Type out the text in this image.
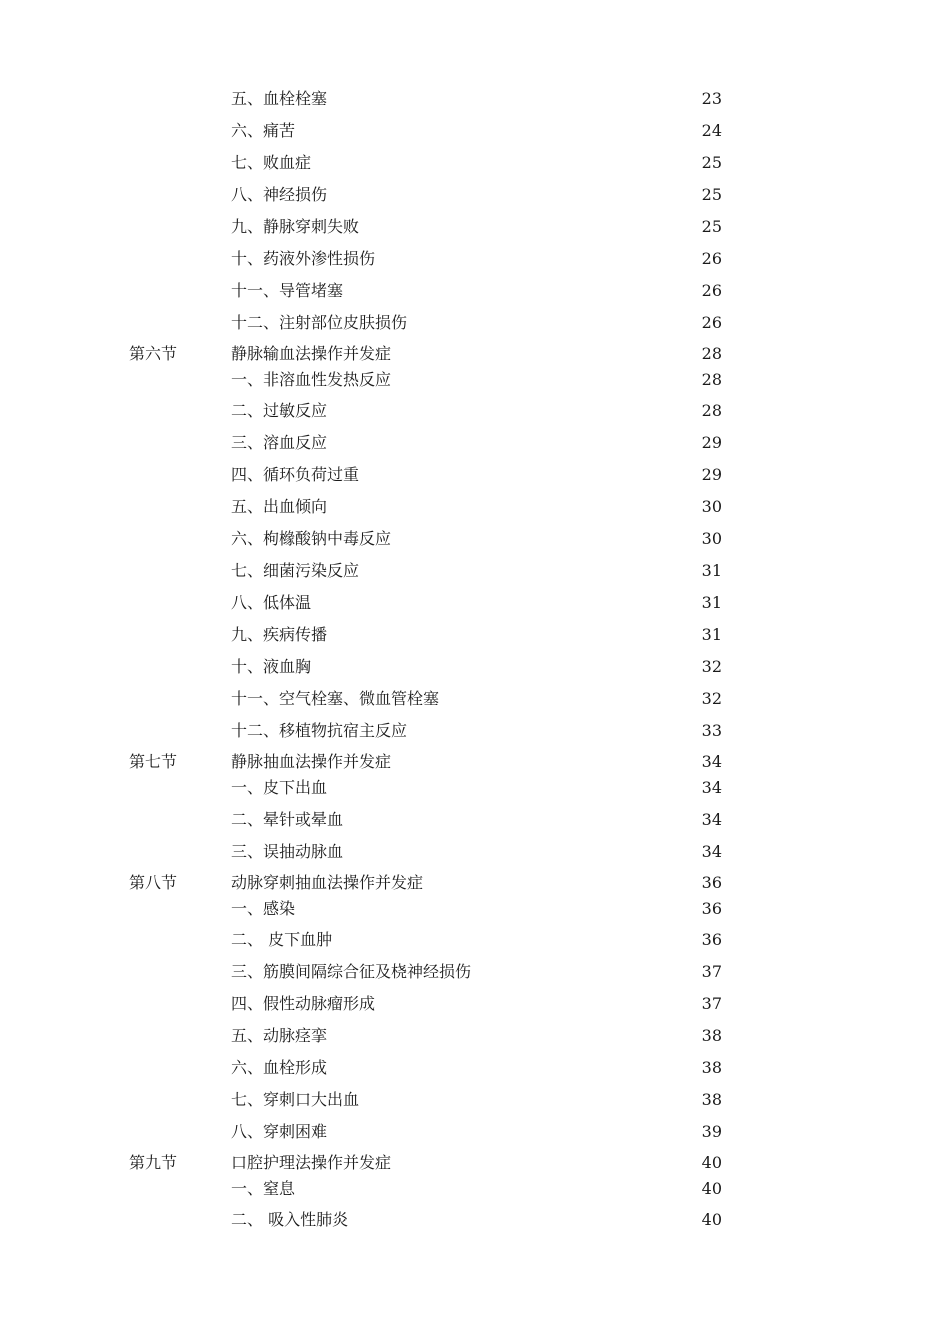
五、血栓栓塞	23
六、痛苦	24
七、败血症	25
八、神经损伤	25
九、静脉穿刺失败	25
十、药液外渗性损伤	26
十一、导管堵塞	26
十二、注射部位皮肤损伤	26
第六节	静脉输血法操作并发症	28
一、非溶血性发热反应	28
二、过敏反应	28
三、溶血反应	29
四、循环负荷过重	29
五、出血倾向	30
六、枸橼酸钠中毒反应	30
七、细菌污染反应	31
八、低体温	31
九、疾病传播	31
十、液血胸	32
十一、空气栓塞、微血管栓塞	32
十二、移植物抗宿主反应	33
第七节	静脉抽血法操作并发症	34
一、皮下出血	34
二、晕针或晕血	34
三、误抽动脉血	34
第八节	动脉穿刺抽血法操作并发症	36
一、感染	36
二、 皮下血肿	36
三、筋膜间隔综合征及桡神经损伤	37
四、假性动脉瘤形成	37
五、动脉痉挛	38
六、血栓形成	38
七、穿刺口大出血	38
八、穿刺困难	39
第九节	口腔护理法操作并发症	40
一、窒息	40
二、 吸入性肺炎	40
